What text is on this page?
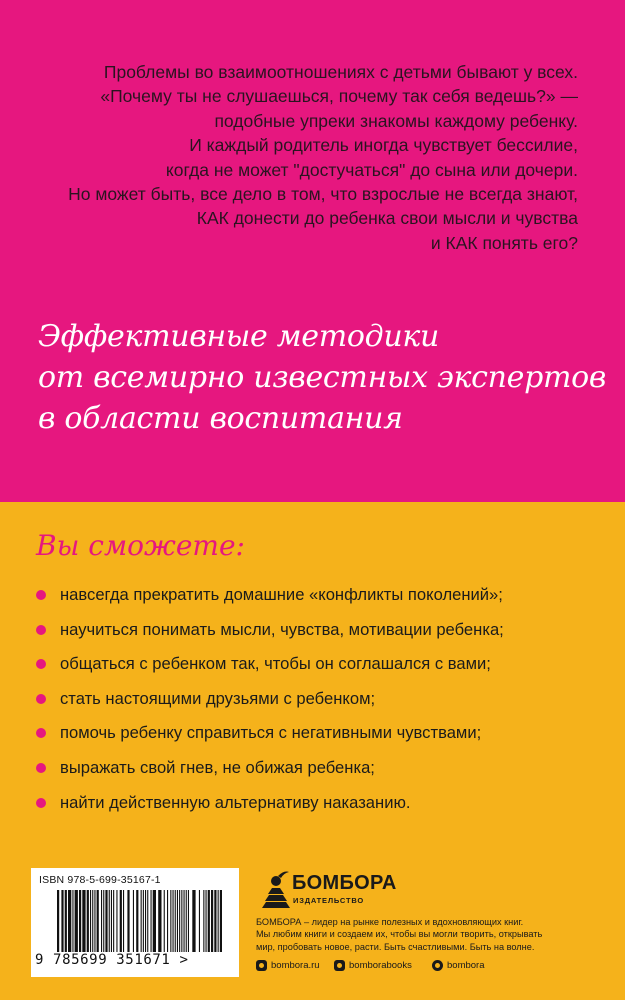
Проблемы во взаимоотношениях с детьми бывают у всех.
«Почему ты не слушаешься, почему так себя ведешь?» —
подобные упреки знакомы каждому ребенку.
И каждый родитель иногда чувствует бессилие,
когда не может "достучаться" до сына или дочери.
Но может быть, все дело в том, что взрослые не всегда знают,
КАК донести до ребенка свои мысли и чувства
и КАК понять его?
Эффективные методики
от всемирно известных экспертов
в области воспитания
Вы сможете:
навсегда прекратить домашние «конфликты поколений»;
научиться понимать мысли, чувства, мотивации ребенка;
общаться с ребенком так, чтобы он соглашался с вами;
стать настоящими друзьями с ребенком;
помочь ребенку справиться с негативными чувствами;
выражать свой гнев, не обижая ребенка;
найти действенную альтернативу наказанию.
ISBN 978-5-699-35167-1
9 785699 351671 >
БОМБОРА
ИЗДАТЕЛЬСТВО
БОМБОРА – лидер на рынке полезных и вдохновляющих книг.
Мы любим книги и создаем их, чтобы вы могли творить, открывать
мир, пробовать новое, расти. Быть счастливыми. Быть на волне.
bombora.ru	bomborabooks	bombora
